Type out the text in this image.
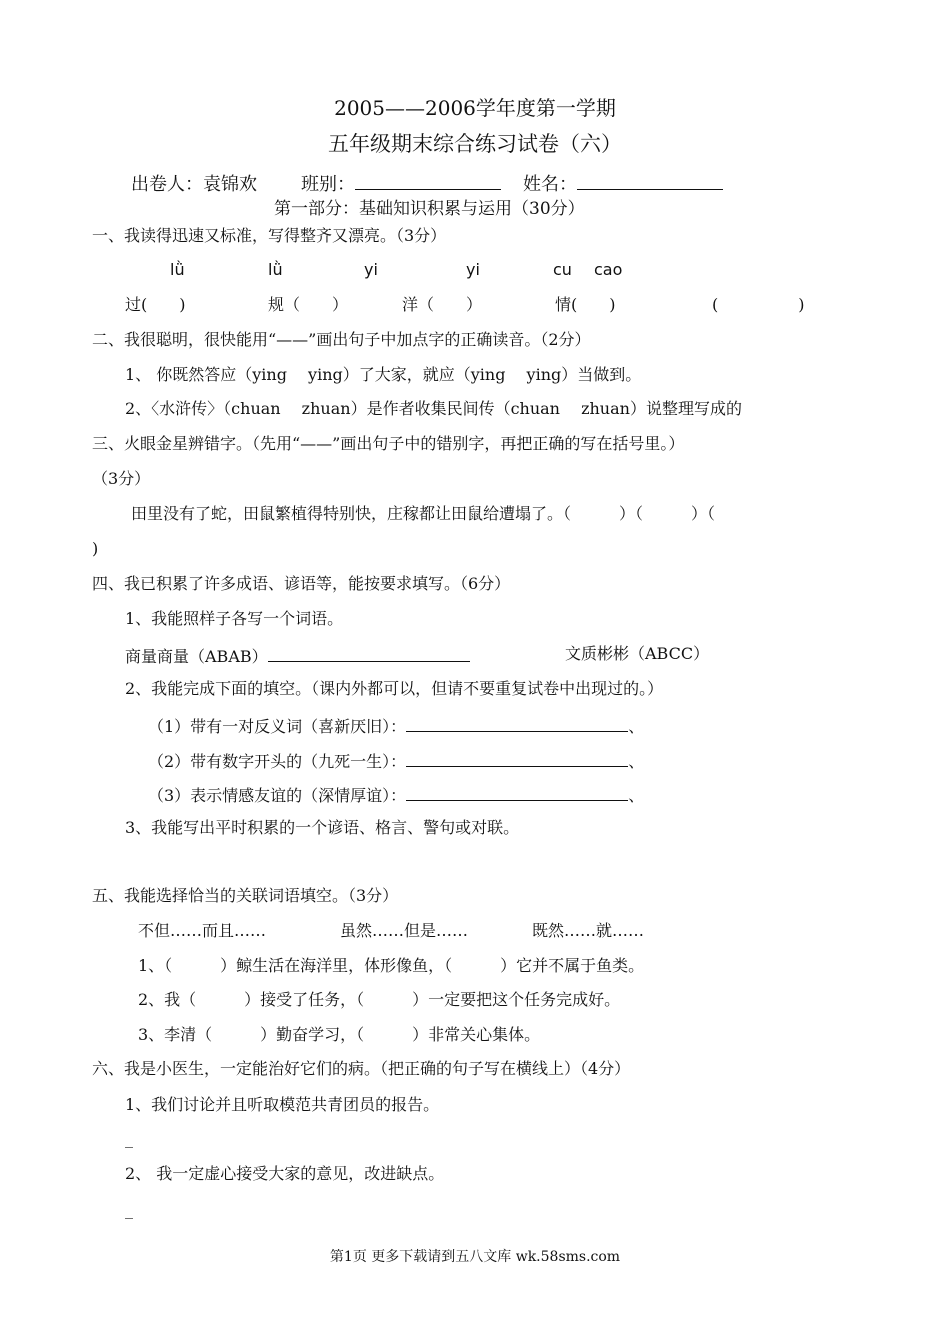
2005——2006学年度第一学期
五年级期末综合练习试卷（六）
出卷人：袁锦欢 班别：	姓名：
第一部分：基础知识积累与运用（30分）
一、我读得迅速又标准，写得整齐又漂亮。（3分）
lǜ	lǜ	yi	yi	cu cao
过(　　)	规（　　）	洋（　　）	情(　　)	(　　　　　)
二、我很聪明，很快能用“——”画出句子中加点字的正确读音。（2分）
1、 你既然答应（ying　 ying）了大家，就应（ying　 ying）当做到。
2、〈水浒传〉（chuan　 zhuan）是作者收集民间传（chuan　 zhuan）说整理写成的
三、火眼金星辨错字。（先用“——”画出句子中的错别字，再把正确的写在括号里。）
（3分）
田里没有了蛇，田鼠繁植得特别快，庄稼都让田鼠给遭塌了。（　　　）（　　　）（
)
四、我已积累了许多成语、谚语等，能按要求填写。（6分）
1、我能照样子各写一个词语。
商量商量（ABAB）	文质彬彬（ABCC）
2、我能完成下面的填空。（课内外都可以，但请不要重复试卷中出现过的。）
（1）带有一对反义词（喜新厌旧）：	、
（2）带有数字开头的（九死一生）：	、
（3）表示情感友谊的（深情厚谊）：	、
3、我能写出平时积累的一个谚语、格言、警句或对联。
五、我能选择恰当的关联词语填空。（3分）
不但……而且……	虽然……但是……	既然……就……
1、（　　　）鲸生活在海洋里，体形像鱼，（　　　）它并不属于鱼类。
2、我（　　　）接受了任务，（　　　）一定要把这个任务完成好。
3、李清（　　　）勤奋学习，（　　　）非常关心集体。
六、我是小医生，一定能治好它们的病。（把正确的句子写在横线上）（4分）
1、我们讨论并且听取模范共青团员的报告。
_
2、 我一定虚心接受大家的意见，改进缺点。
_
第1页 更多下载请到五八文库 wk.58sms.com
